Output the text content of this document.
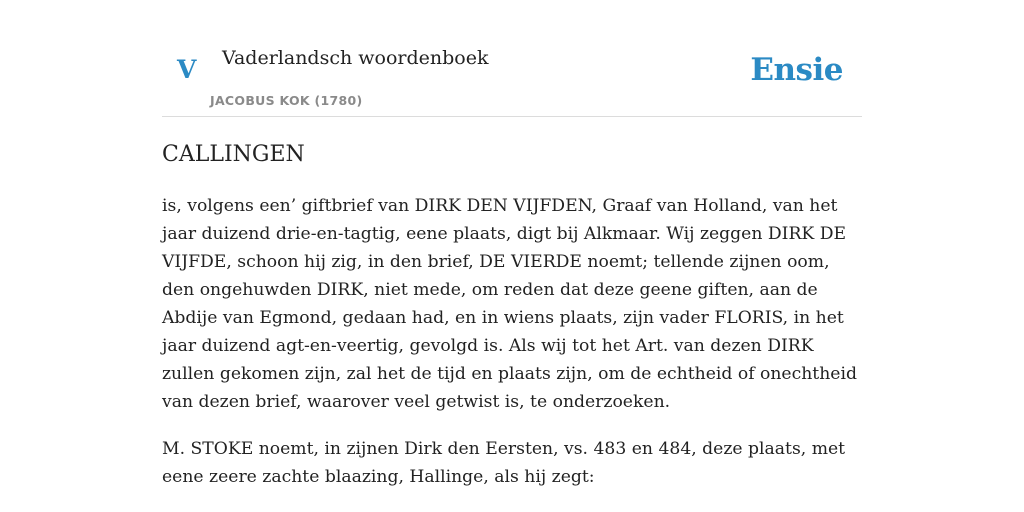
V Vaderlandsch woordenboek
JACOBUS KOK (1780)
Ensie
CALLINGEN

is, volgens een’ giftbrief van DIRK DEN VIJFDEN, Graaf van Holland, van het jaar duizend drie-en-tagtig, eene plaats, digt bij Alkmaar. Wij zeggen DIRK DE VIJFDE, schoon hij zig, in den brief, DE VIERDE noemt; tellende zijnen oom, den ongehuwden DIRK, niet mede, om reden dat deze geene giften, aan de Abdije van Egmond, gedaan had, en in wiens plaats, zijn vader FLORIS, in het jaar duizend agt-en-veertig, gevolgd is. Als wij tot het Art. van dezen DIRK zullen gekomen zijn, zal het de tijd en plaats zijn, om de echtheid of onechtheid van dezen brief, waarover veel getwist is, te onderzoeken.

M. STOKE noemt, in zijnen Dirk den Eersten, vs. 483 en 484, deze plaats, met eene zeere zachte blaazing, Hallinge, als hij zegt:
